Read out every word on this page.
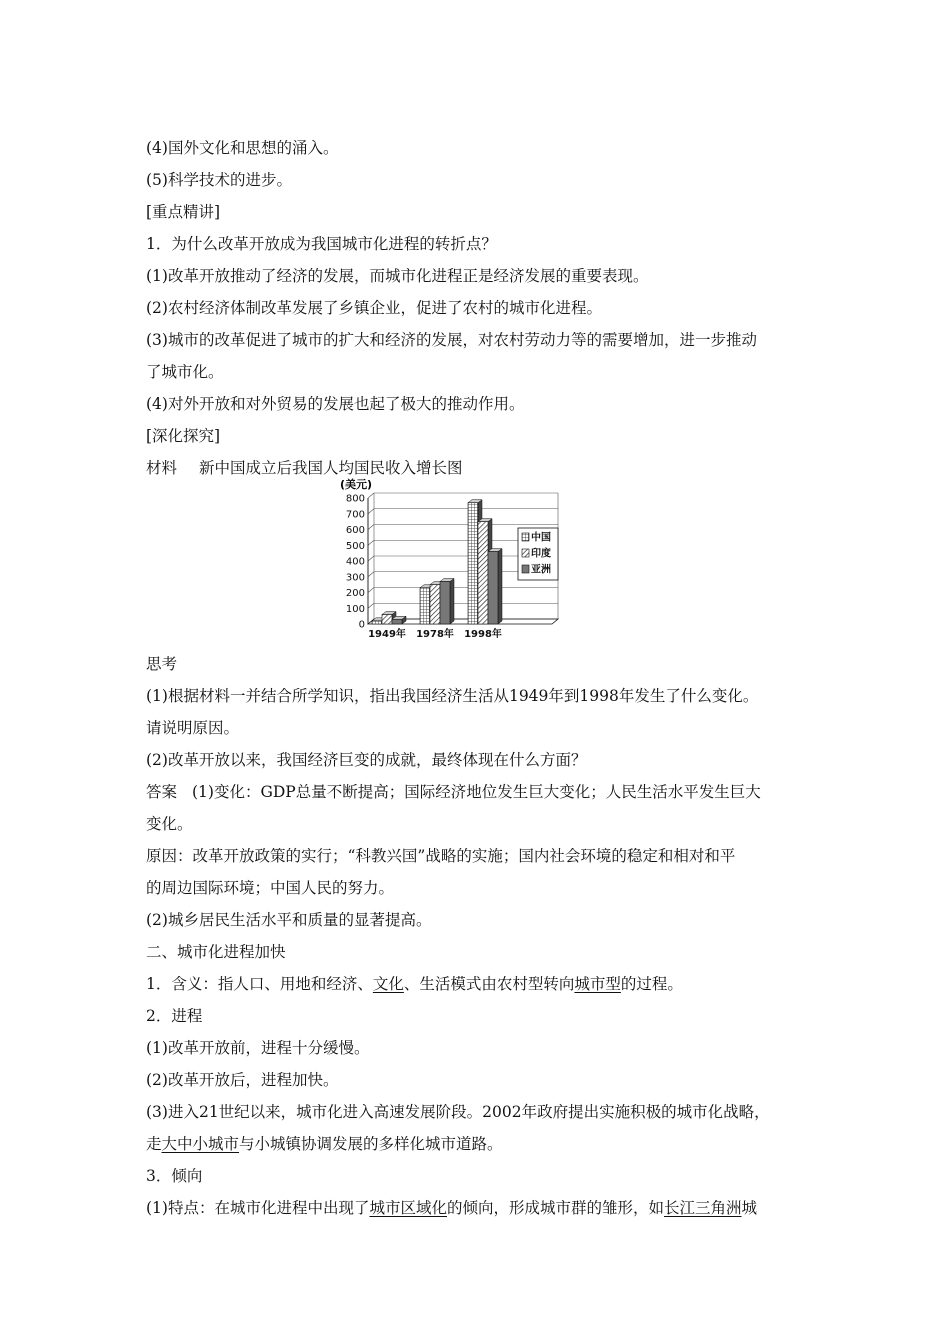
(4)国外文化和思想的涌入。
(5)科学技术的进步。
[重点精讲]
1．为什么改革开放成为我国城市化进程的转折点？
(1)改革开放推动了经济的发展，而城市化进程正是经济发展的重要表现。
(2)农村经济体制改革发展了乡镇企业，促进了农村的城市化进程。
(3)城市的改革促进了城市的扩大和经济的发展，对农村劳动力等的需要增加，进一步推动
了城市化。
(4)对外开放和对外贸易的发展也起了极大的推动作用。
[深化探究]
材料 新中国成立后我国人均国民收入增长图
(美元)
0
100
200
300
400
500
600
700
800
1949年 1978年 1998年
中国
印度
亚洲
思考
(1)根据材料一并结合所学知识，指出我国经济生活从1949年到1998年发生了什么变化。
请说明原因。
(2)改革开放以来，我国经济巨变的成就，最终体现在什么方面？
答案 (1)变化：GDP总量不断提高；国际经济地位发生巨大变化；人民生活水平发生巨大
变化。
原因：改革开放政策的实行；“科教兴国”战略的实施；国内社会环境的稳定和相对和平
的周边国际环境；中国人民的努力。
(2)城乡居民生活水平和质量的显著提高。
二、城市化进程加快
1．含义：指人口、用地和经济、文化、生活模式由农村型转向城市型的过程。
2．进程
(1)改革开放前，进程十分缓慢。
(2)改革开放后，进程加快。
(3)进入21世纪以来，城市化进入高速发展阶段。2002年政府提出实施积极的城市化战略，
走大中小城市与小城镇协调发展的多样化城市道路。
3．倾向
(1)特点：在城市化进程中出现了城市区域化的倾向，形成城市群的雏形，如长江三角洲城
